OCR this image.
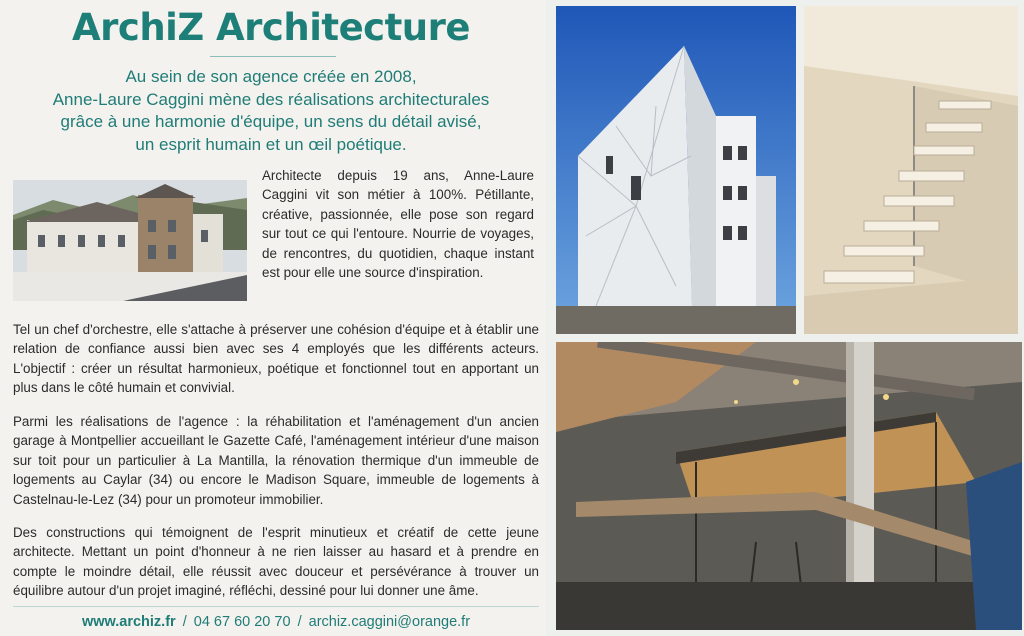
ArchiZ Architecture

Au sein de son agence créée en 2008,

Anne-Laure Caggini mène des réalisations architecturales

grâce à une harmonie d'équipe, un sens du détail avisé,

un esprit humain et un œil poétique.

Architecte depuis 19 ans, Anne-Laure Caggini vit son métier à 100%. Pétillante, créative, passionnée, elle pose son regard sur tout ce qui l'entoure. Nourrie de voyages, de rencontres, du quotidien, chaque instant est pour elle une source d'inspiration.

Tel un chef d'orchestre, elle s'attache à préserver une cohésion d'équipe et à établir une relation de confiance aussi bien avec ses 4 employés que les différents acteurs. L'objectif : créer un résultat harmonieux, poétique et fonctionnel tout en apportant un plus dans le côté humain et convivial.

Parmi les réalisations de l'agence : la réhabilitation et l'aménagement d'un ancien garage à Montpellier accueillant le Gazette Café, l'aménagement intérieur d'une maison sur toit pour un particulier à La Mantilla, la rénovation thermique d'un immeuble de logements au Caylar (34) ou encore le Madison Square, immeuble de logements à Castelnau-le-Lez (34) pour un promoteur immobilier.

Des constructions qui témoignent de l'esprit minutieux et créatif de cette jeune architecte. Mettant un point d'honneur à ne rien laisser au hasard et à prendre en compte le moindre détail, elle réussit avec douceur et persévérance à trouver un équilibre autour d'un projet imaginé, réfléchi, dessiné pour lui donner une âme.

www.archiz.fr / 04 67 60 20 70 / archiz.caggini@orange.fr
